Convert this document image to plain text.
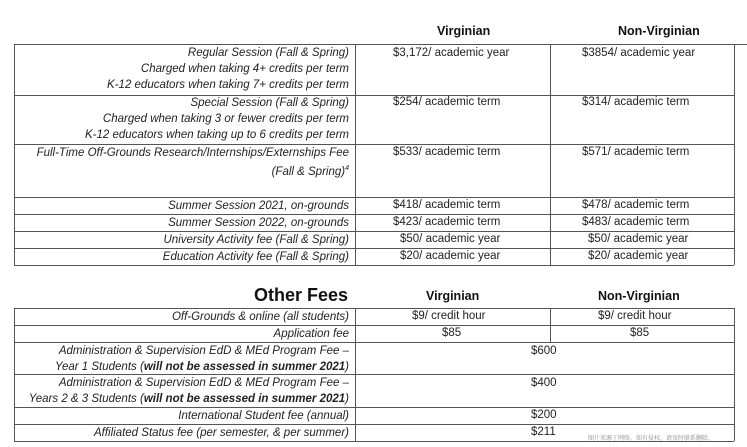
Virginian	Non-Virginian
Regular Session (Fall & Spring)
Charged when taking 4+ credits per term
K-12 educators when taking 7+ credits per term
$3,172/ academic year	$3854/ academic year
Special Session (Fall & Spring)
Charged when taking 3 or fewer credits per term
K-12 educators when taking up to 6 credits per term
$254/ academic term	$314/ academic term
Full-Time Off-Grounds Research/Internships/Externships Fee
(Fall & Spring)$^4$
$533/ academic term	$571/ academic term
Summer Session 2021, on-grounds	$418/ academic term	$478/ academic term
Summer Session 2022, on-grounds	$423/ academic term	$483/ academic term
University Activity fee (Fall & Spring)	$50/ academic year	$50/ academic year
Education Activity fee (Fall & Spring)	$20/ academic year	$20/ academic year
Other Fees	Virginian	Non-Virginian
Off-Grounds & online (all students)	$9/ credit hour	$9/ credit hour
Application fee	$85	$85
Administration & Supervision EdD & MEd Program Fee –
Year 1 Students (will not be assessed in summer 2021)
$600
Administration & Supervision EdD & MEd Program Fee –
Years 2 & 3 Students (will not be assessed in summer 2021)
$400
International Student fee (annual)	$200
Affiliated Status fee (per semester, & per summer)	$211
图片来源于网络，如有侵权，请及时联系删除。
